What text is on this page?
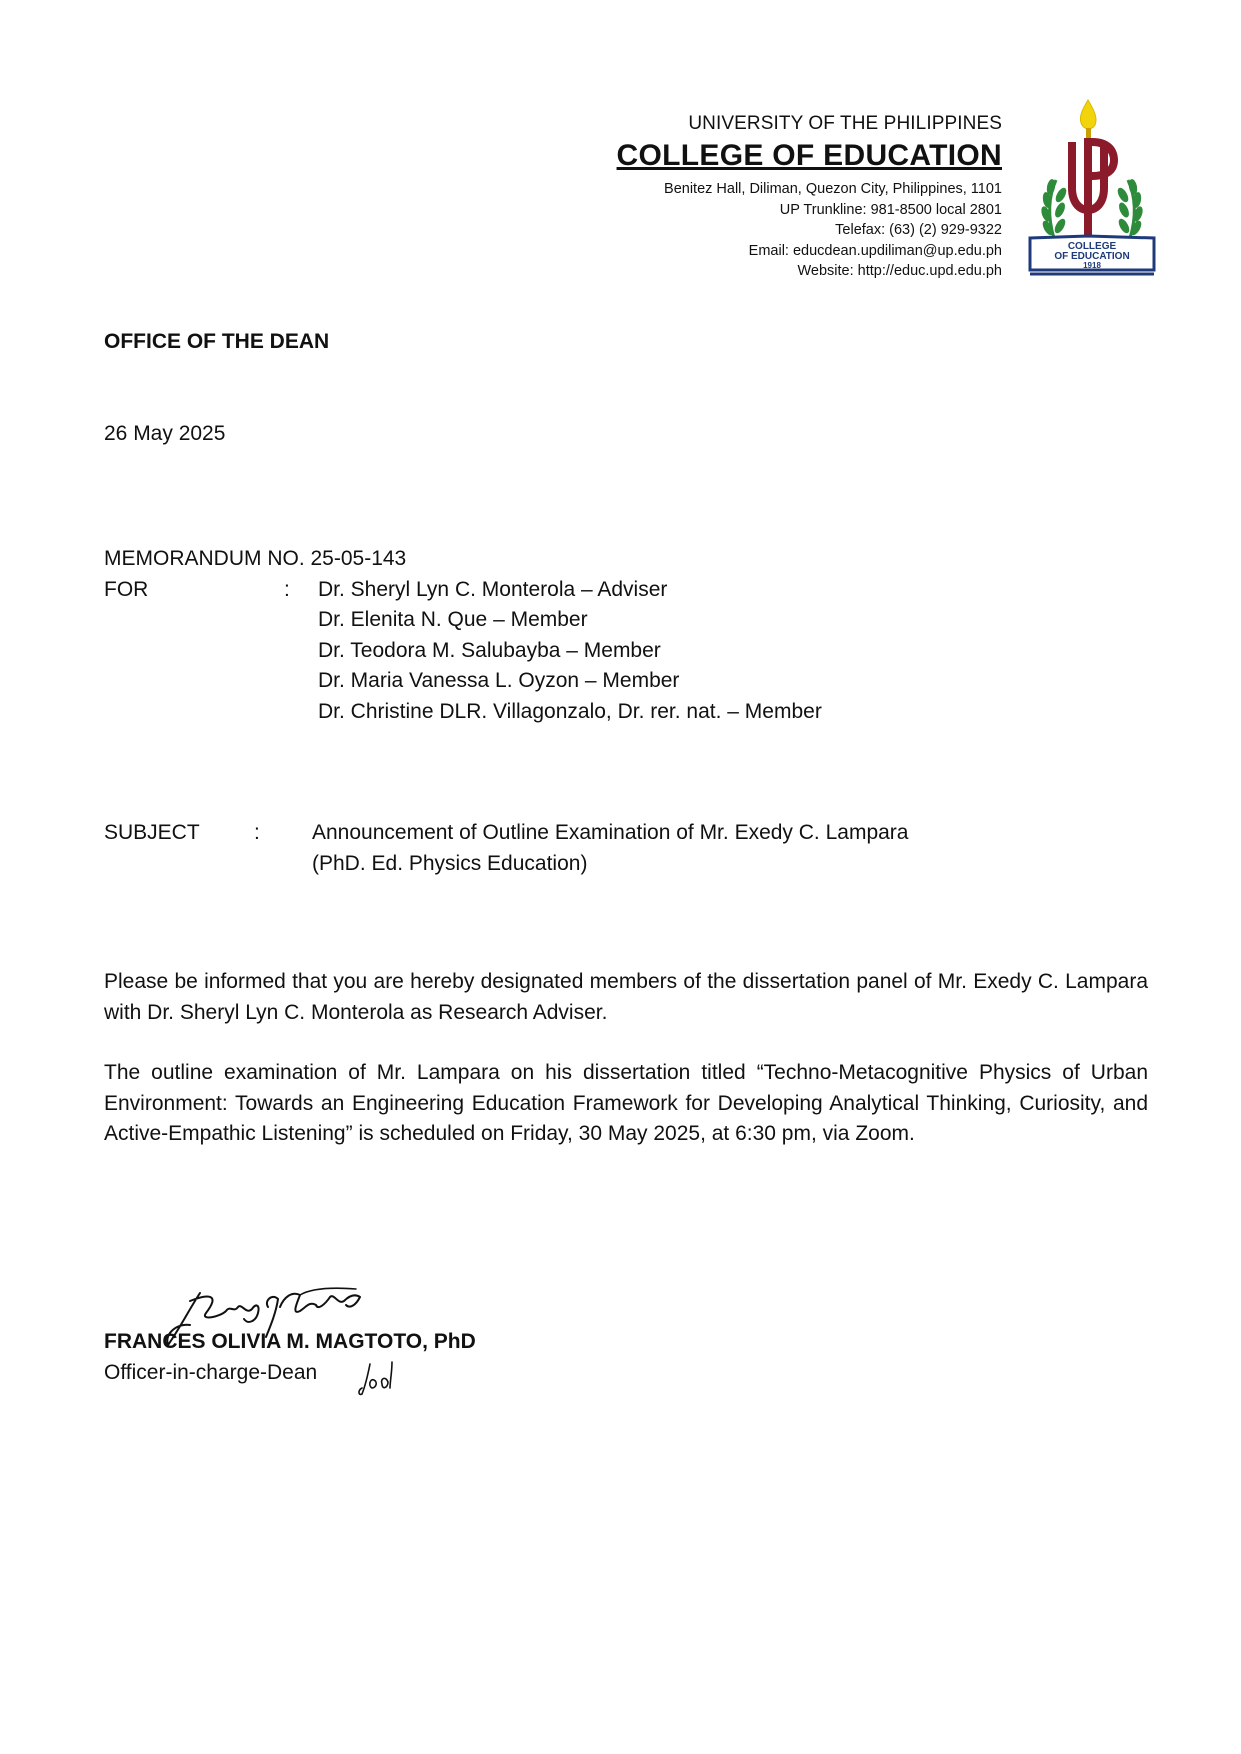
UNIVERSITY OF THE PHILIPPINES
COLLEGE OF EDUCATION
Benitez Hall, Diliman, Quezon City, Philippines, 1101
UP Trunkline: 981-8500 local 2801
Telefax: (63) (2) 929-9322
Email: educdean.updiliman@up.edu.ph
Website: http://educ.upd.edu.ph
COLLEGE
OF EDUCATION
1918
OFFICE OF THE DEAN
26 May 2025
MEMORANDUM NO. 25-05-143
FOR	:	Dr. Sheryl Lyn C. Monterola – Adviser
Dr. Elenita N. Que – Member
Dr. Teodora M. Salubayba – Member
Dr. Maria Vanessa L. Oyzon – Member
Dr. Christine DLR. Villagonzalo, Dr. rer. nat. – Member
SUBJECT	:	Announcement of Outline Examination of Mr. Exedy C. Lampara
(PhD. Ed. Physics Education)
Please be informed that you are hereby designated members of the dissertation panel of Mr. Exedy C. Lampara with Dr. Sheryl Lyn C. Monterola as Research Adviser.
The outline examination of Mr. Lampara on his dissertation titled “Techno-Metacognitive Physics of Urban Environment: Towards an Engineering Education Framework for Developing Analytical Thinking, Curiosity, and Active-Empathic Listening” is scheduled on Friday, 30 May 2025, at 6:30 pm, via Zoom.
FRANCES OLIVIA M. MAGTOTO, PhD
Officer-in-charge-Dean
